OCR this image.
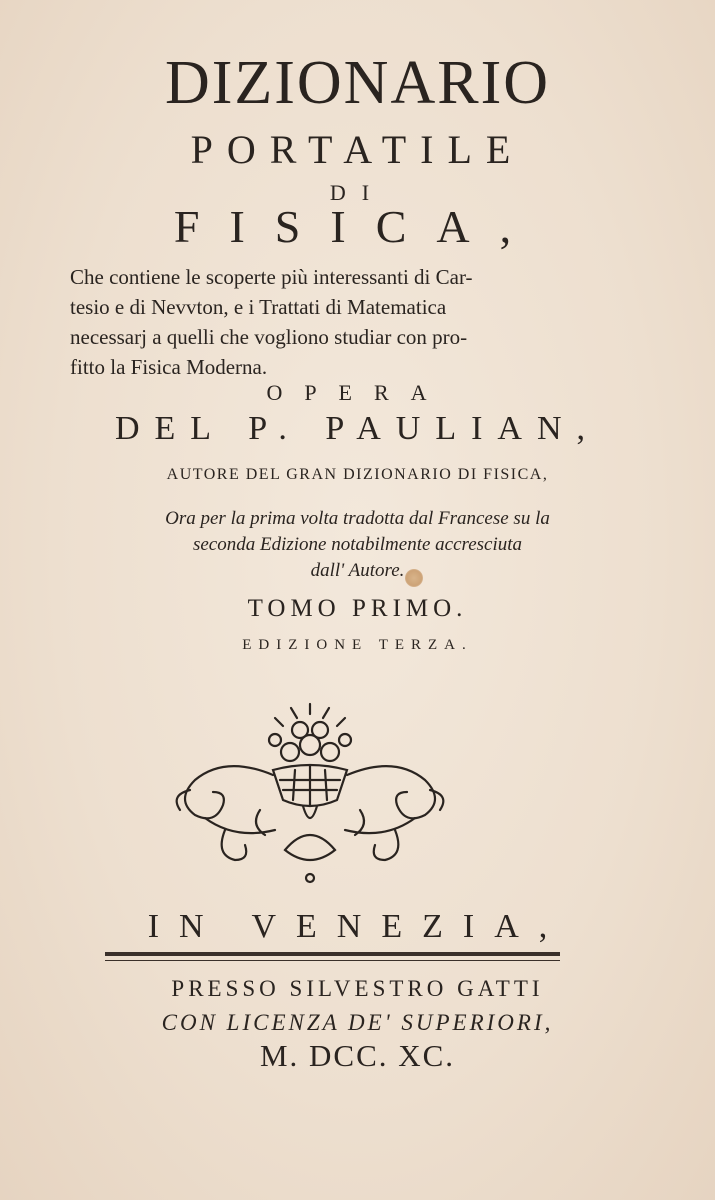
DIZIONARIO
PORTATILE
DI
FISICA,
Che contiene le scoperte più interessanti di Car-
tesio e di Nevvton, e i Trattati di Matematica
necessarj a quelli che vogliono studiar con pro-
fitto la Fisica Moderna.
OPERA
DEL P. PAULIAN,
AUTORE DEL GRAN DIZIONARIO DI FISICA,
Ora per la prima volta tradotta dal Francese su la
seconda Edizione notabilmente accresciuta
dall' Autore.
TOMO PRIMO.
EDIZIONE TERZA.
IN VENEZIA,
PRESSO SILVESTRO GATTI
CON LICENZA DE' SUPERIORI,
M. DCC. XC.
